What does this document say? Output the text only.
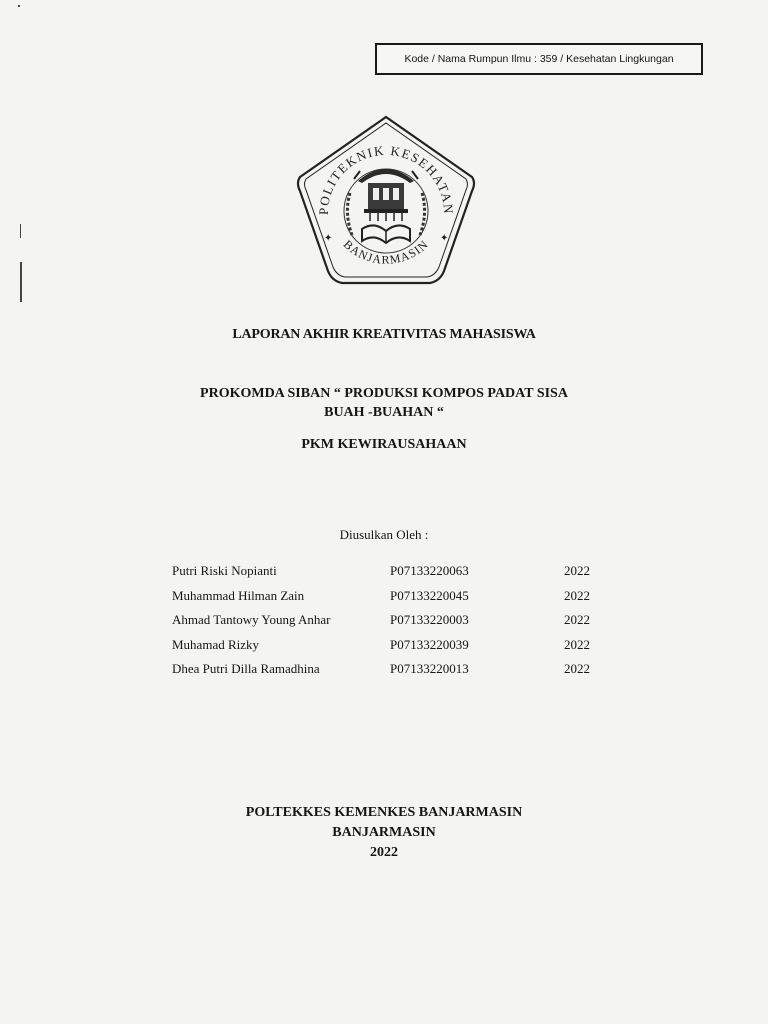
Kode / Nama Rumpun Ilmu : 359 / Kesehatan Lingkungan
POLITEKNIK KESEHATAN
BANJARMASIN
✦	✦
LAPORAN AKHIR KREATIVITAS MAHASISWA
PROKOMDA SIBAN “ PRODUKSI KOMPOS PADAT SISA
BUAH -BUAHAN “
PKM KEWIRAUSAHAAN
Diusulkan Oleh :
Putri Riski Nopianti	P07133220063	2022
Muhammad Hilman Zain	P07133220045	2022
Ahmad Tantowy Young Anhar	P07133220003	2022
Muhamad Rizky	P07133220039	2022
Dhea Putri Dilla Ramadhina	P07133220013	2022
POLTEKKES KEMENKES BANJARMASIN
BANJARMASIN
2022
